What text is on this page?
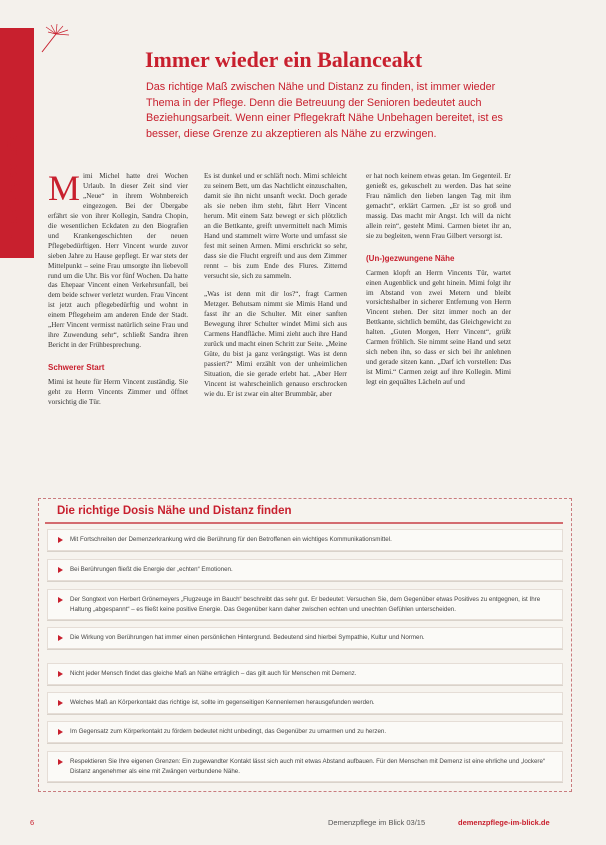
Entlastungschaffen
Immer wieder ein Balanceakt
Das richtige Maß zwischen Nähe und Distanz zu finden, ist immer wieder Thema in der Pflege. Denn die Betreuung der Senioren bedeutet auch Beziehungsarbeit. Wenn einer Pflegekraft Nähe Unbehagen bereitet, ist es besser, diese Grenze zu akzeptieren als Nähe zu erzwingen.
M imi Michel hatte drei Wochen Urlaub. In dieser Zeit sind vier „Neue“ in ihrem Wohnbereich eingezogen. Bei der Übergabe erfährt sie von ihrer Kollegin, Sandra Chopin, die wesentlichen Eckdaten zu den Biografien und Krankengeschichten der neuen Pflegebedürftigen. Herr Vincent wurde zuvor sieben Jahre zu Hause gepflegt. Er war stets der Mittelpunkt – seine Frau umsorgte ihn liebevoll rund um die Uhr. Bis vor fünf Wochen. Da hatte das Ehepaar Vincent einen Verkehrsunfall, bei dem beide schwer verletzt wurden. Frau Vincent ist jetzt auch pflegebedürftig und wohnt in einem Pflegeheim am anderen Ende der Stadt. „Herr Vincent vermisst natürlich seine Frau und ihre Zuwendung sehr“, schließt Sandra ihren Bericht in der Frühbesprechung.

Schwerer Start

Mimi ist heute für Herrn Vincent zuständig. Sie geht zu Herrn Vincents Zimmer und öffnet vorsichtig die Tür.

Es ist dunkel und er schläft noch. Mimi schleicht zu seinem Bett, um das Nachtlicht einzuschalten, damit sie ihn nicht unsanft weckt. Doch gerade als sie neben ihm steht, fährt Herr Vincent herum. Mit einem Satz bewegt er sich plötzlich an die Bettkante, greift unvermittelt nach Mimis Hand und stammelt wirre Worte und umfasst sie fest mit seinen Armen. Mimi erschrickt so sehr, dass sie die Flucht ergreift und aus dem Zimmer rennt – bis zum Ende des Flures. Zitternd versucht sie, sich zu sammeln.

„Was ist denn mit dir los?“, fragt Carmen Metzger. Behutsam nimmt sie Mimis Hand und fasst ihr an die Schulter. Mit einer sanften Bewegung ihrer Schulter windet Mimi sich aus Carmens Handfläche. Mimi zieht auch ihre Hand zurück und macht einen Schritt zur Seite. „Meine Güte, du bist ja ganz verängstigt. Was ist denn passiert?“ Mimi erzählt von der unheimlichen Situation, die sie gerade erlebt hat. „Aber Herr Vincent ist wahrscheinlich genauso erschrocken wie du. Er ist zwar ein alter Brummbär, aber

er hat noch keinem etwas getan. Im Gegenteil. Er genießt es, gekuschelt zu werden. Das hat seine Frau nämlich den lieben langen Tag mit ihm gemacht“, erklärt Carmen. „Er ist so groß und massig. Das macht mir Angst. Ich will da nicht allein rein“, gesteht Mimi. Carmen bietet ihr an, sie zu begleiten, wenn Frau Gilbert versorgt ist.

(Un-)gezwungene Nähe

Carmen klopft an Herrn Vincents Tür, wartet einen Augenblick und geht hinein. Mimi folgt ihr im Abstand von zwei Metern und bleibt vorsichtshalber in sicherer Entfernung von Herrn Vincent stehen. Der sitzt immer noch an der Bettkante, sichtlich bemüht, das Gleichgewicht zu halten. „Guten Morgen, Herr Vincent“, grüßt Carmen fröhlich. Sie nimmt seine Hand und setzt sich neben ihn, so dass er sich bei ihr anlehnen und gerade sitzen kann. „Darf ich vorstellen: Das ist Mimi.“ Carmen zeigt auf ihre Kollegin. Mimi legt ein gequältes Lächeln auf und

Die richtige Dosis Nähe und Distanz finden
Mit Fortschreiten der Demenzerkrankung wird die Berührung für den Betroffenen ein wichtiges Kommunikationsmittel.
Bei Berührungen fließt die Energie der „echten“ Emotionen.
Der Songtext von Herbert Grönemeyers „Flugzeuge im Bauch“ beschreibt das sehr gut. Er bedeutet: Versuchen Sie, dem Gegenüber etwas Positives zu entgegnen, ist Ihre Haltung „abgespannt“ – es fließt keine positive Energie. Das Gegenüber kann daher zwischen echten und unechten Gefühlen unterscheiden.
Die Wirkung von Berührungen hat immer einen persönlichen Hintergrund. Bedeutend sind hierbei Sympathie, Kultur und Normen.
Nicht jeder Mensch findet das gleiche Maß an Nähe erträglich – das gilt auch für Menschen mit Demenz.
Welches Maß an Körperkontakt das richtige ist, sollte im gegenseitigen Kennenlernen herausgefunden werden.
Im Gegensatz zum Körperkontakt zu fördern bedeutet nicht unbedingt, das Gegenüber zu umarmen und zu herzen.
Respektieren Sie Ihre eigenen Grenzen: Ein zugewandter Kontakt lässt sich auch mit etwas Abstand aufbauen. Für den Menschen mit Demenz ist eine ehrliche und „lockere“ Distanz angenehmer als eine mit Zwängen verbundene Nähe.
6	Demenzpflege im Blick 03/15	demenzpflege-im-blick.de
